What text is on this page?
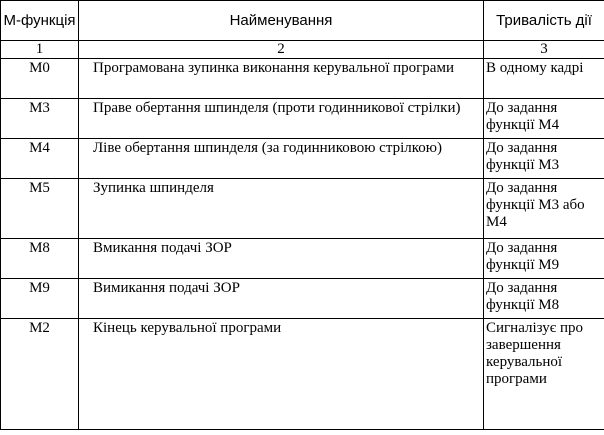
М-функція	Найменування	Тривалість дії
1	2	3
М0	Програмована зупинка виконання керувальної програми	В одному кадрі
М3	Праве обертання шпинделя (проти годинникової стрілки)	До задання функції М4
М4	Ліве обертання шпинделя (за годинниковою стрілкою)	До задання функції М3
М5	Зупинка шпинделя	До задання функції М3 або М4
М8	Вмикання подачі ЗОР	До задання функції М9
М9	Вимикання подачі ЗОР	До задання функції М8
М2	Кінець керувальної програми	Сигналізує про завершення керувальної програми
